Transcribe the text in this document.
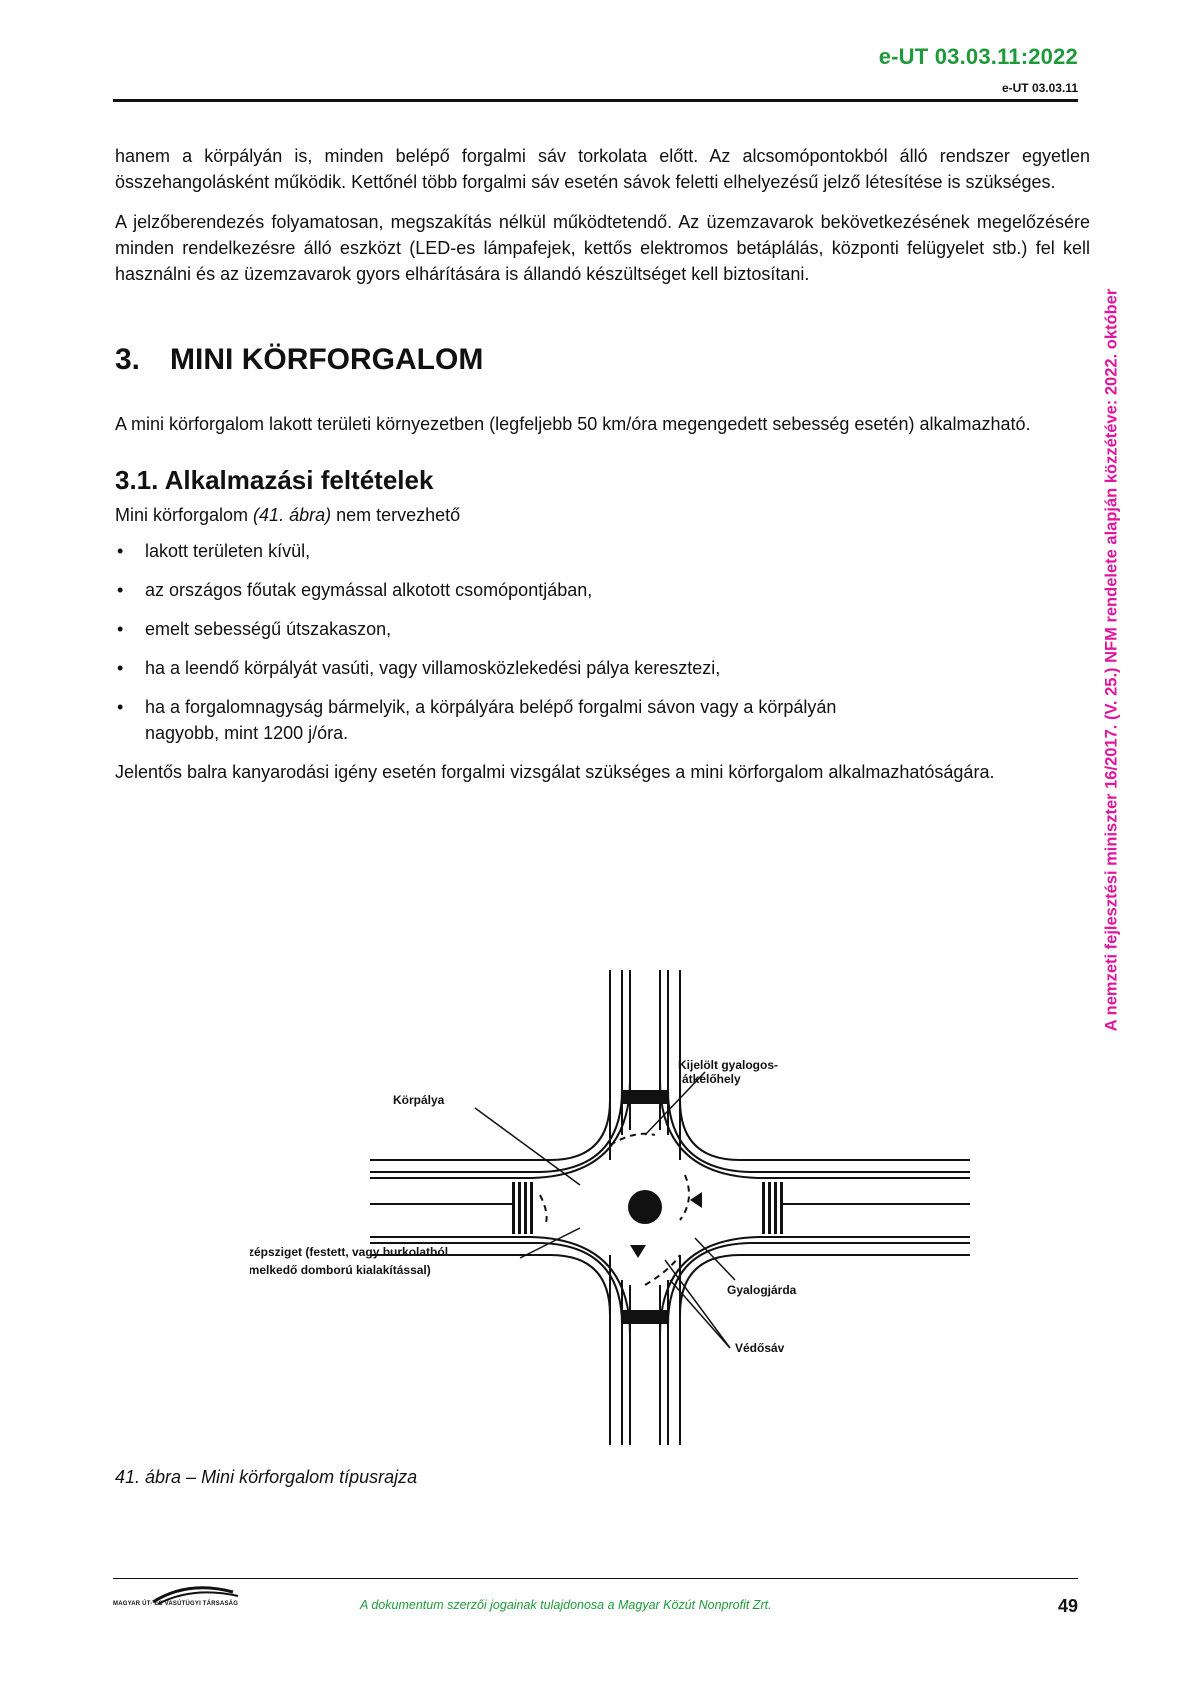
e-UT 03.03.11:2022
e-UT 03.03.11
A nemzeti fejlesztési miniszter 16/2017. (V. 25.) NFM rendelete alapján közzétéve: 2022. október

hanem a körpályán is, minden belépő forgalmi sáv torkolata előtt. Az alcsomópontokból álló rendszer egyetlen összehangolásként működik. Kettőnél több forgalmi sáv esetén sávok feletti elhelyezésű jelző létesítése is szükséges.

A jelzőberendezés folyamatosan, megszakítás nélkül működtetendő. Az üzemzavarok bekövetkezésének megelőzésére minden rendelkezésre álló eszközt (LED-es lámpafejek, kettős elektromos betáplálás, központi felügyelet stb.) fel kell használni és az üzemzavarok gyors elhárítására is állandó készültséget kell biztosítani.

3. MINI KÖRFORGALOM

A mini körforgalom lakott területi környezetben (legfeljebb 50 km/óra megengedett sebesség esetén) alkalmazható.

3.1. Alkalmazási feltételek

Mini körforgalom (41. ábra) nem tervezhető

• lakott területen kívül,
• az országos főutak egymással alkotott csomópontjában,
• emelt sebességű útszakaszon,
• ha a leendő körpályát vasúti, vagy villamosközlekedési pálya keresztezi,
• ha a forgalomnagyság bármelyik, a körpályára belépő forgalmi sávon vagy a körpályán nagyobb, mint 1200 j/óra.

Jelentős balra kanyarodási igény esetén forgalmi vizsgálat szükséges a mini körforgalom alkalmazhatóságára.

Körpálya
Kijelölt gyalogos-
átkelőhely
Középsziget (festett, vagy burkolatból
kiemelkedő domború kialakítással)
Gyalogjárda
Védősáv
41. ábra – Mini körforgalom típusrajza
MAGYAR ÚT- ÉS VASÚTÜGYI TÁRSASÁG	A dokumentum szerzői jogainak tulajdonosa a Magyar Közút Nonprofit Zrt.	49
